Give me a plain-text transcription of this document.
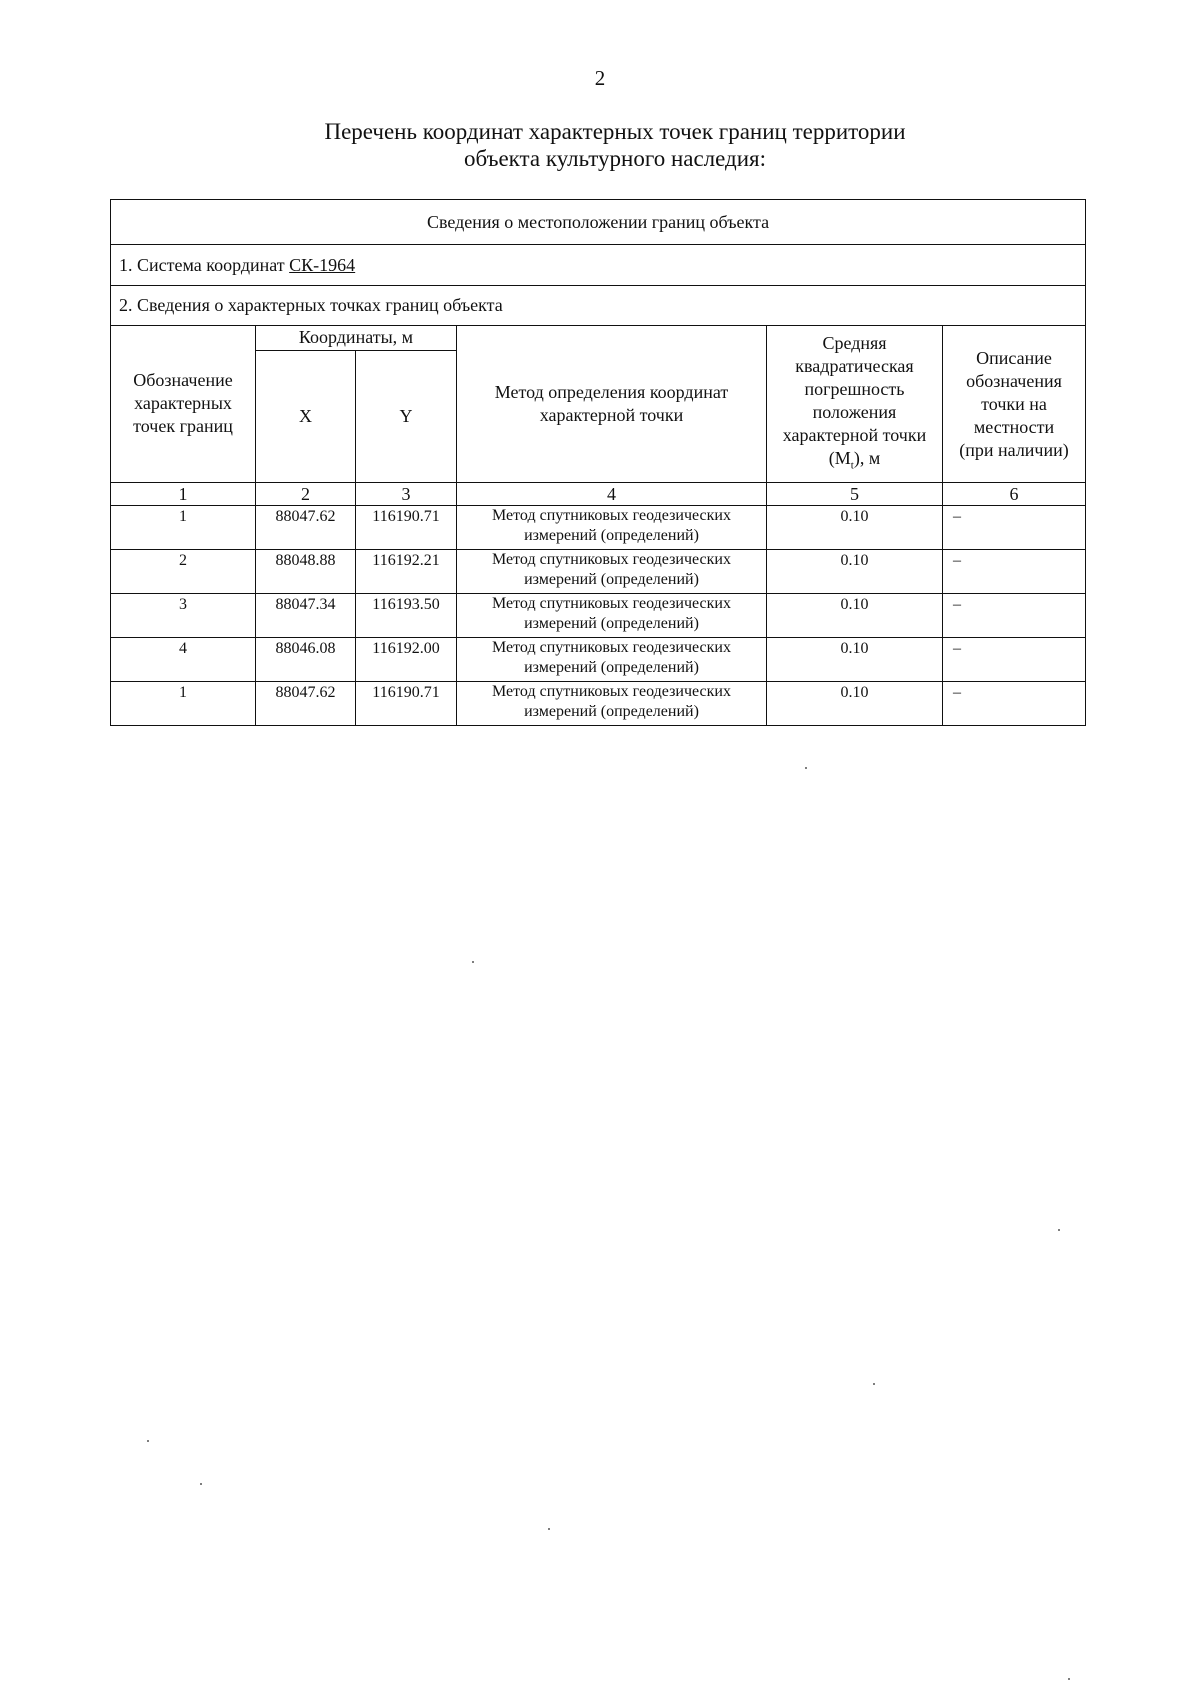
2
Перечень координат характерных точек границ территории
объекта культурного наследия:
Сведения о местоположении границ объекта					
1. Система координат СК-1964					
2. Сведения о характерных точках границ объекта					
Обозначение характерных точек границ	Координаты, м		Метод определения координат характерной точки	Средняя квадратическая погрешность положения характерной точки $(M_t)$, м	Описание обозначения точки на местности (при наличии)
	X	Y			
1	2	3	4	5	6
1	88047.62	116190.71	Метод спутниковых геодезических измерений (определений)	0.10	–
2	88048.88	116192.21	Метод спутниковых геодезических измерений (определений)	0.10	–
3	88047.34	116193.50	Метод спутниковых геодезических измерений (определений)	0.10	–
4	88046.08	116192.00	Метод спутниковых геодезических измерений (определений)	0.10	–
1	88047.62	116190.71	Метод спутниковых геодезических измерений (определений)	0.10	–
